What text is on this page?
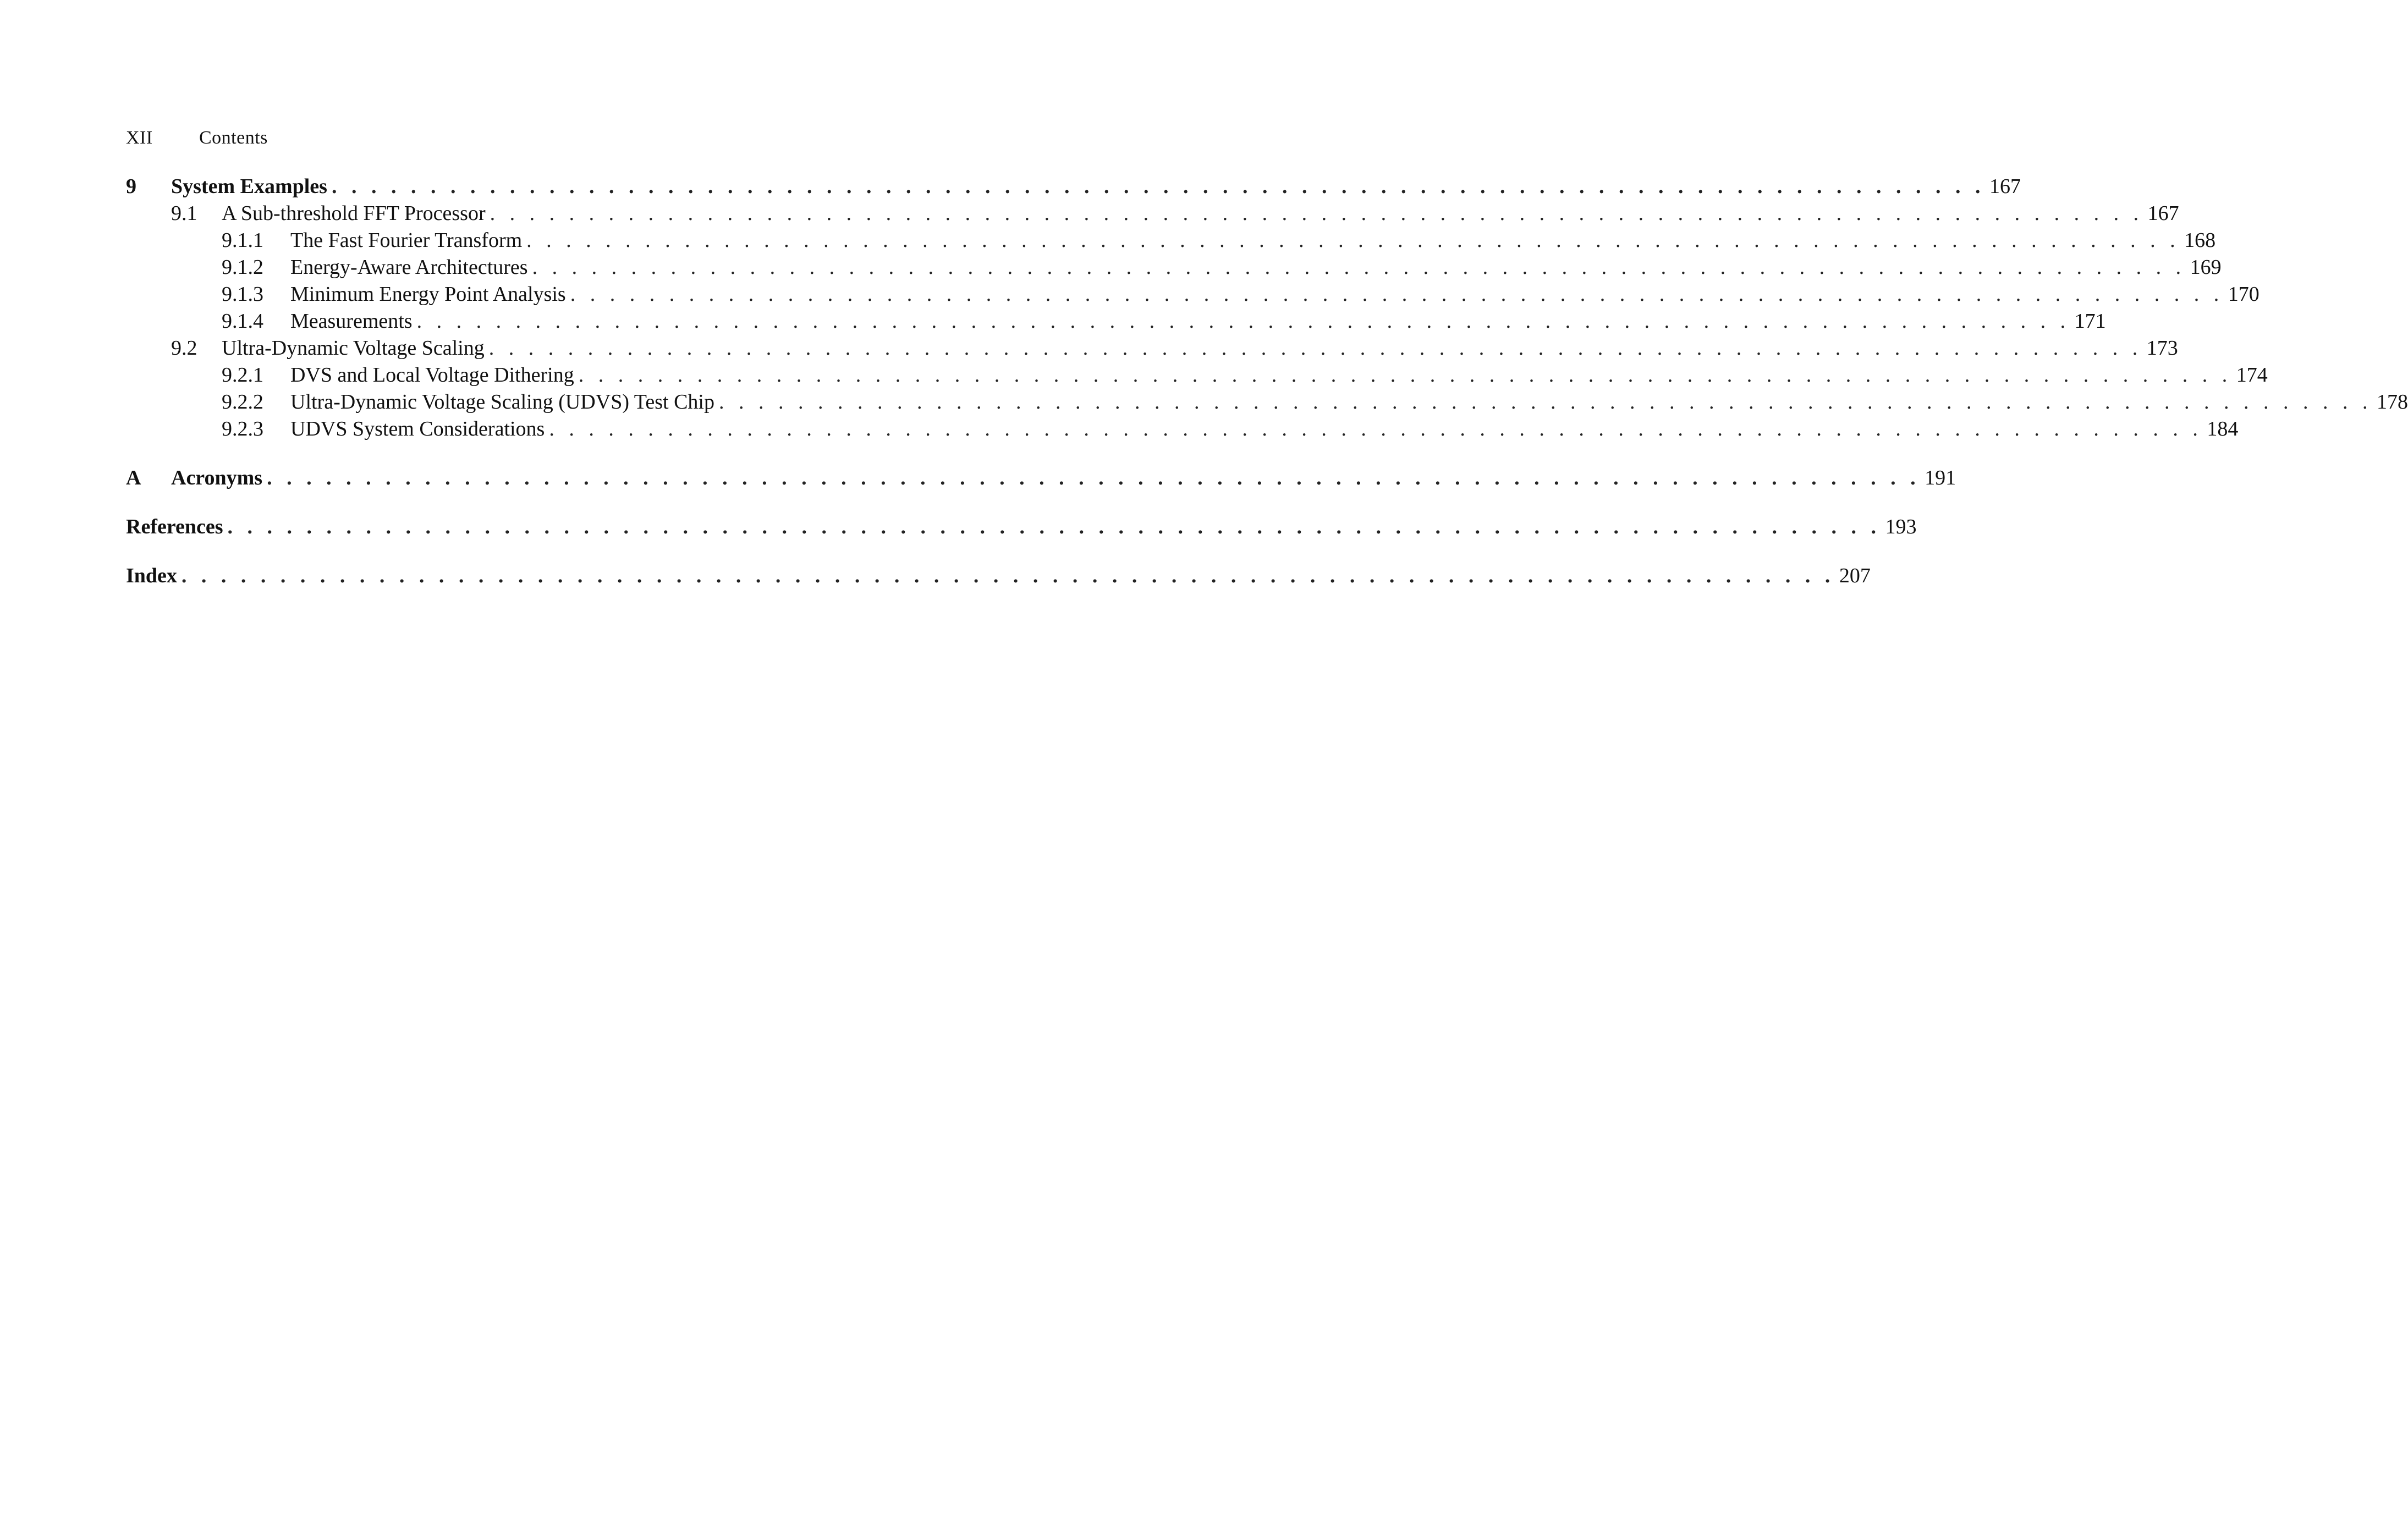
XII	Contents
9	System Examples . . . . . . . . . . . . . . . . . . . . . . . . . . . . . . . . . . . . . . . . . . . . . . . . . . . . . . . . . . . . . . . . . . . . . . . . . . . . . . . . . . . . 167
9.1	A Sub-threshold FFT Processor . . . . . . . . . . . . . . . . . . . . . . . . . . . . . . . . . . . . . . . . . . . . . . . . . . . . . . . . . . . . . . . . . . . . . . . . . . . . . . . . . . . . 167
9.1.1	The Fast Fourier Transform . . . . . . . . . . . . . . . . . . . . . . . . . . . . . . . . . . . . . . . . . . . . . . . . . . . . . . . . . . . . . . . . . . . . . . . . . . . . . . . . . . . . 168
9.1.2	Energy-Aware Architectures . . . . . . . . . . . . . . . . . . . . . . . . . . . . . . . . . . . . . . . . . . . . . . . . . . . . . . . . . . . . . . . . . . . . . . . . . . . . . . . . . . . . 169
9.1.3	Minimum Energy Point Analysis . . . . . . . . . . . . . . . . . . . . . . . . . . . . . . . . . . . . . . . . . . . . . . . . . . . . . . . . . . . . . . . . . . . . . . . . . . . . . . . . . . . . 170
9.1.4	Measurements . . . . . . . . . . . . . . . . . . . . . . . . . . . . . . . . . . . . . . . . . . . . . . . . . . . . . . . . . . . . . . . . . . . . . . . . . . . . . . . . . . . . 171
9.2	Ultra-Dynamic Voltage Scaling . . . . . . . . . . . . . . . . . . . . . . . . . . . . . . . . . . . . . . . . . . . . . . . . . . . . . . . . . . . . . . . . . . . . . . . . . . . . . . . . . . . . 173
9.2.1	DVS and Local Voltage Dithering . . . . . . . . . . . . . . . . . . . . . . . . . . . . . . . . . . . . . . . . . . . . . . . . . . . . . . . . . . . . . . . . . . . . . . . . . . . . . . . . . . . . 174
9.2.2	Ultra-Dynamic Voltage Scaling (UDVS) Test Chip . . . . . . . . . . . . . . . . . . . . . . . . . . . . . . . . . . . . . . . . . . . . . . . . . . . . . . . . . . . . . . . . . . . . . . . . . . . . . . . . . . . . 178
9.2.3	UDVS System Considerations . . . . . . . . . . . . . . . . . . . . . . . . . . . . . . . . . . . . . . . . . . . . . . . . . . . . . . . . . . . . . . . . . . . . . . . . . . . . . . . . . . . . 184
A	Acronyms . . . . . . . . . . . . . . . . . . . . . . . . . . . . . . . . . . . . . . . . . . . . . . . . . . . . . . . . . . . . . . . . . . . . . . . . . . . . . . . . . . . . 191
References . . . . . . . . . . . . . . . . . . . . . . . . . . . . . . . . . . . . . . . . . . . . . . . . . . . . . . . . . . . . . . . . . . . . . . . . . . . . . . . . . . . . 193
Index . . . . . . . . . . . . . . . . . . . . . . . . . . . . . . . . . . . . . . . . . . . . . . . . . . . . . . . . . . . . . . . . . . . . . . . . . . . . . . . . . . . . 207
